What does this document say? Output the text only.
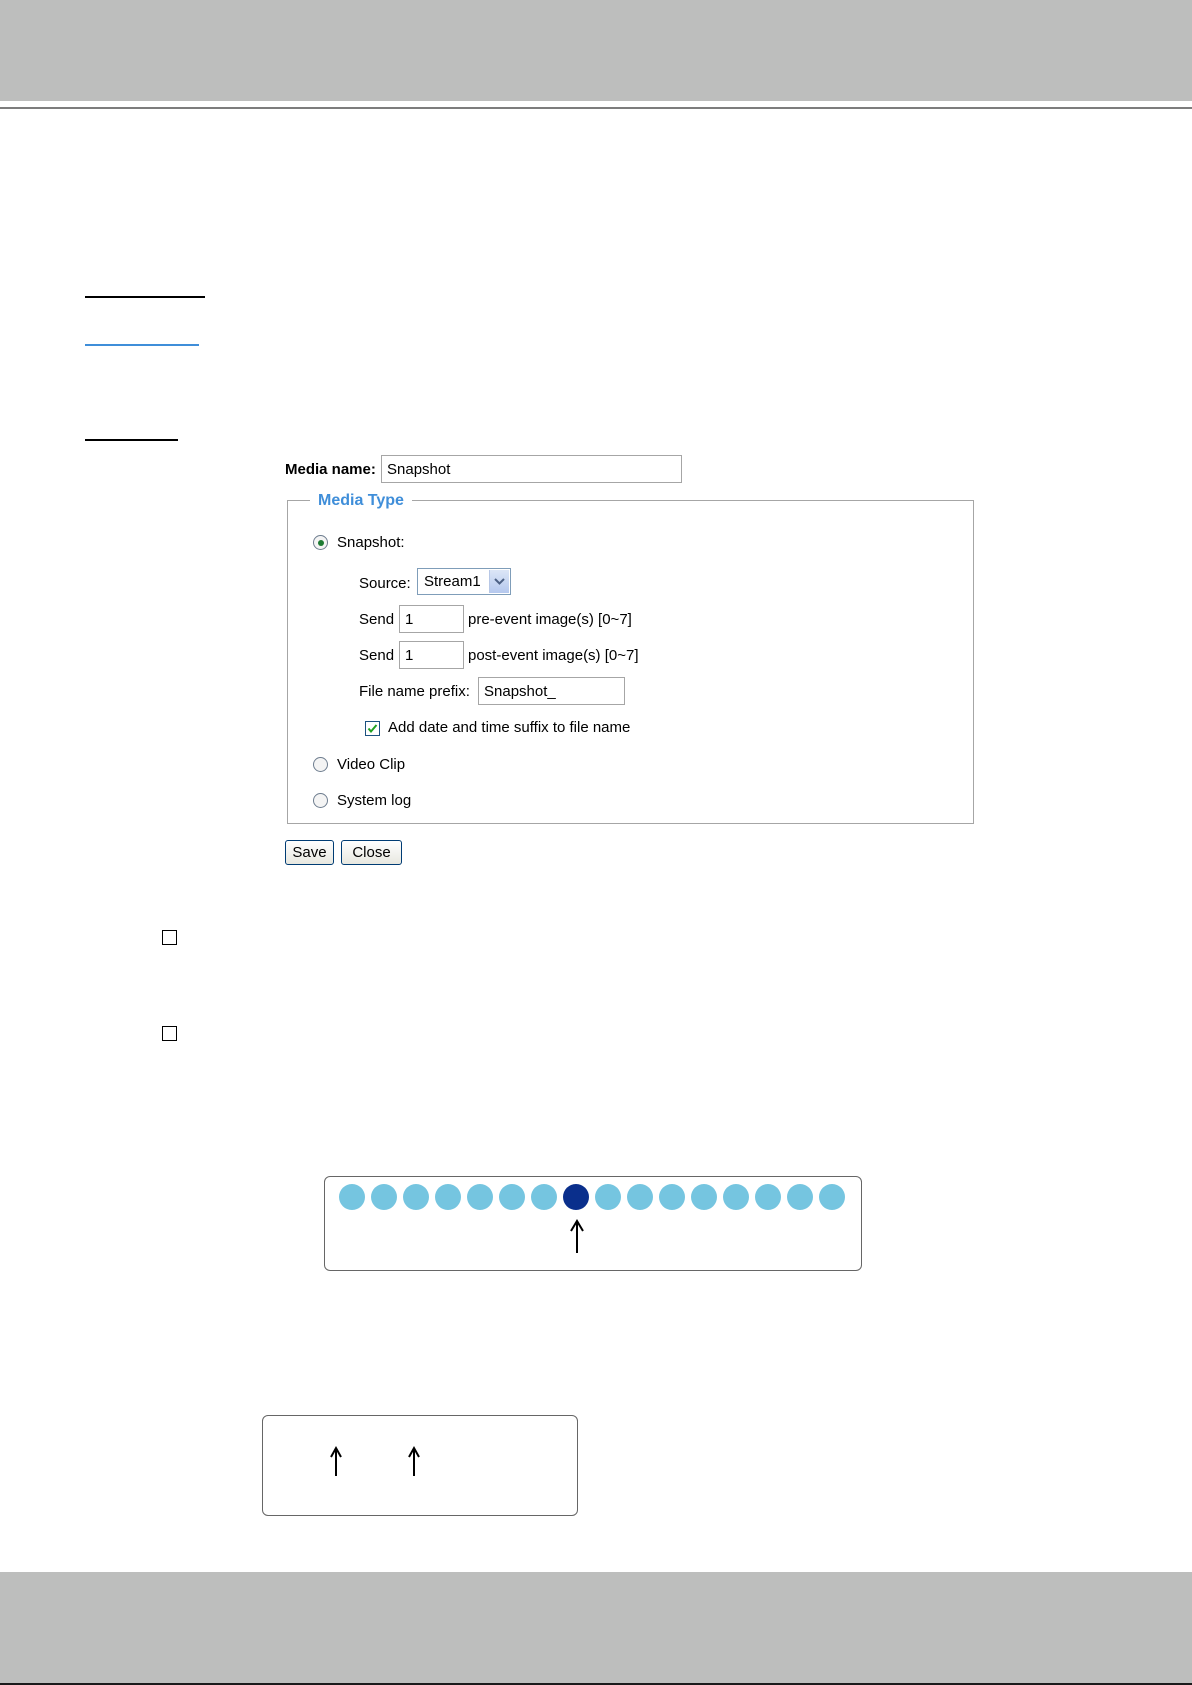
Media name:
Snapshot
Media Type
Snapshot:
Source: Stream1
Send
1	pre-event image(s) [0~7]
Send
1	post-event image(s) [0~7]
File name prefix:
Snapshot_
Add date and time suffix to file name
Video Clip
System log
Save	Close
